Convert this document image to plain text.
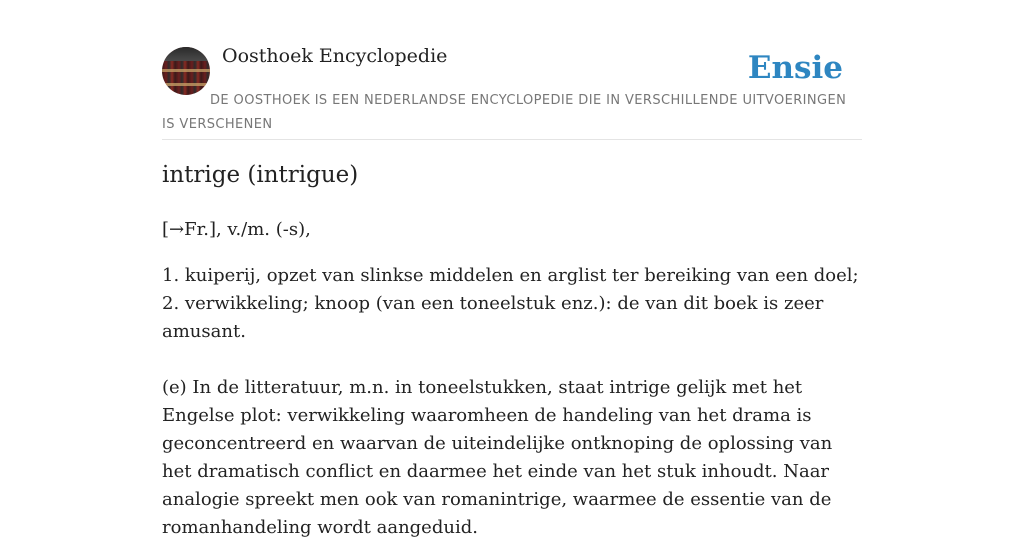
Oosthoek Encyclopedie	Ensie
DE OOSTHOEK IS EEN NEDERLANDSE ENCYCLOPEDIE DIE IN VERSCHILLENDE UITVOERINGEN IS VERSCHENEN
intrige (intrigue)
[→Fr.], v./m. (-s),
1. kuiperij, opzet van slinkse middelen en arglist ter bereiking van een doel;
2. verwikkeling; knoop (van een toneelstuk enz.): de van dit boek is zeer amusant.
(e) In de litteratuur, m.n. in toneelstukken, staat intrige gelijk met het Engelse plot: verwikkeling waaromheen de handeling van het drama is geconcentreerd en waarvan de uiteindelijke ontknoping de oplossing van het dramatisch conflict en daarmee het einde van het stuk inhoudt. Naar analogie spreekt men ook van romanintrige, waarmee de essentie van de romanhandeling wordt aangeduid.
